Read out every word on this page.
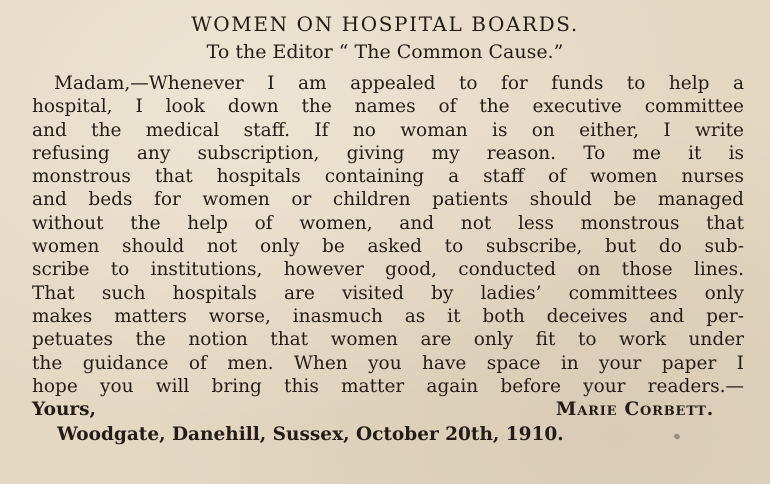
WOMEN ON HOSPITAL BOARDS.
To the Editor “ The Common Cause.”
Madam,—Whenever I am appealed to for funds to help a
hospital, I look down the names of the executive committee
and the medical staff. If no woman is on either, I write
refusing any subscription, giving my reason. To me it is
monstrous that hospitals containing a staff of women nurses
and beds for women or children patients should be managed
without the help of women, and not less monstrous that
women should not only be asked to subscribe, but do sub-
scribe to institutions, however good, conducted on those lines.
That such hospitals are visited by ladies’ committees only
makes matters worse, inasmuch as it both deceives and per-
petuates the notion that women are only fit to work under
the guidance of men. When you have space in your paper I
hope you will bring this matter again before your readers.—
Yours,	Marie Corbett.
Woodgate, Danehill, Sussex, October 20th, 1910.
